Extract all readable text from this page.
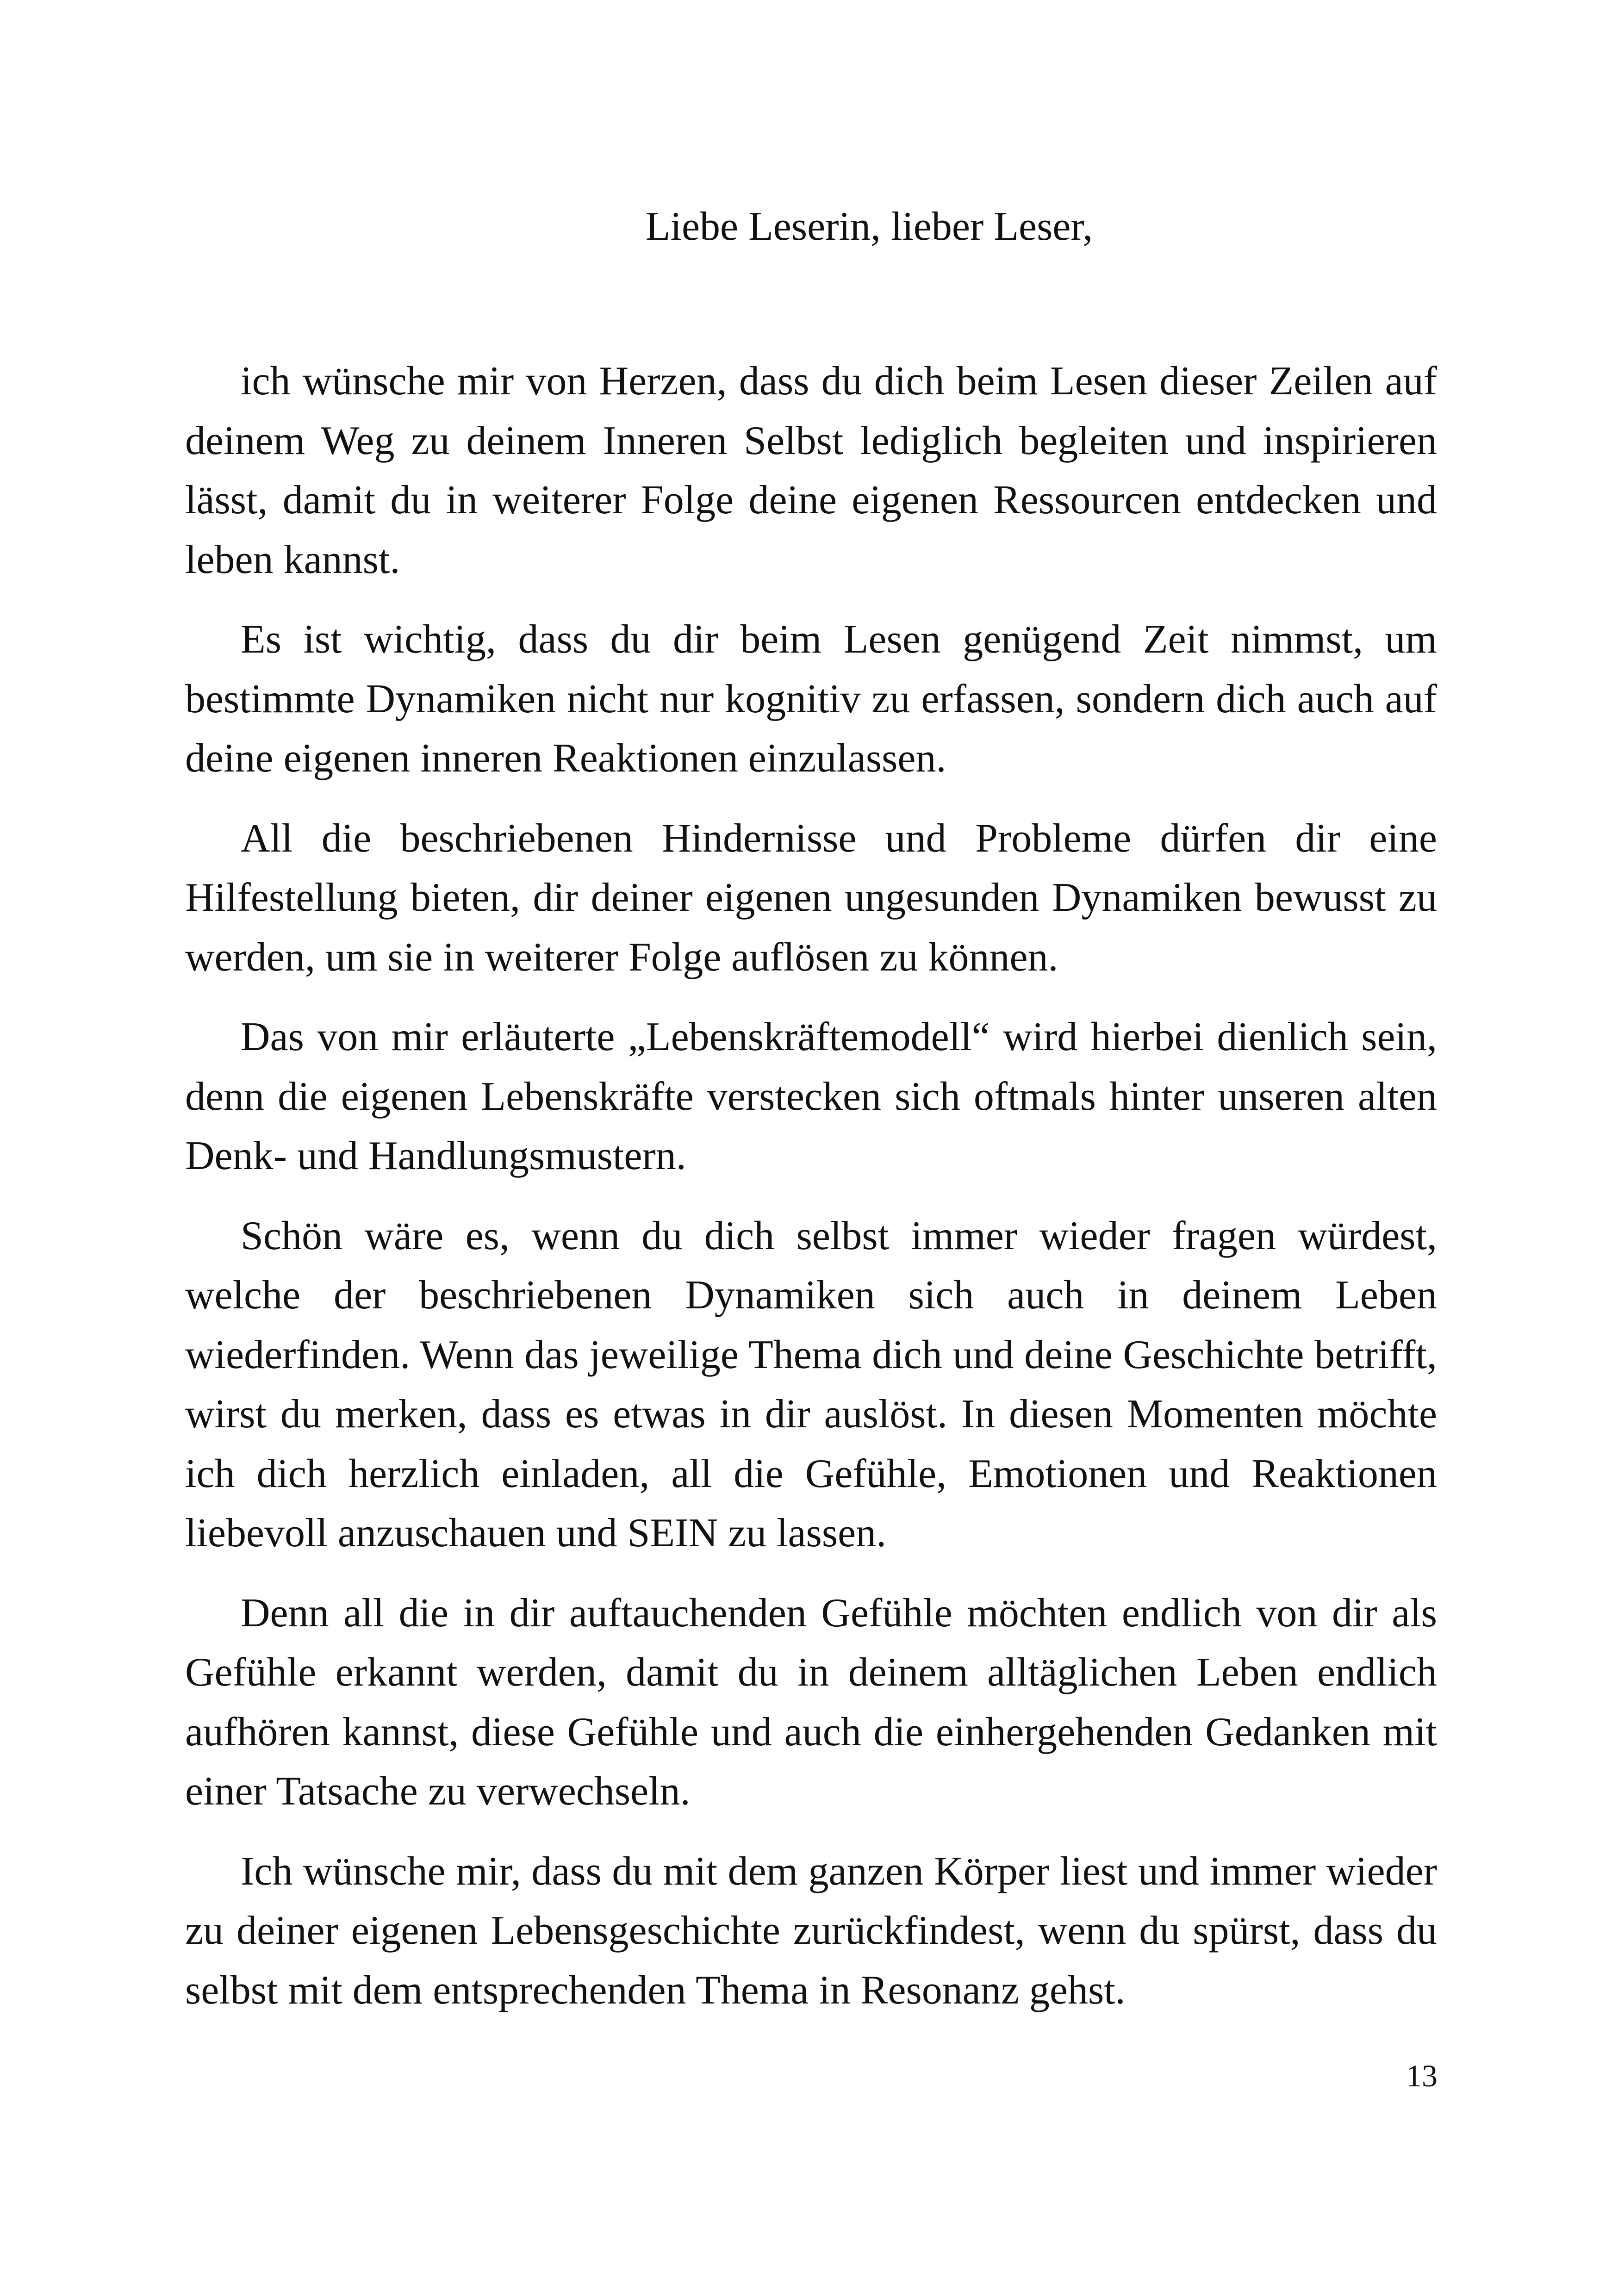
Liebe Leserin, lieber Leser,

ich wünsche mir von Herzen, dass du dich beim Lesen dieser Zeilen auf deinem Weg zu deinem Inneren Selbst lediglich begleiten und inspirieren lässt, damit du in weiterer Folge deine eigenen Ressourcen entdecken und leben kannst.

Es ist wichtig, dass du dir beim Lesen genügend Zeit nimmst, um bestimmte Dynamiken nicht nur kognitiv zu erfassen, sondern dich auch auf deine eigenen inneren Reaktionen einzulassen.

All die beschriebenen Hindernisse und Probleme dürfen dir eine Hilfestellung bieten, dir deiner eigenen ungesunden Dynamiken bewusst zu werden, um sie in weiterer Folge auflösen zu können.

Das von mir erläuterte „Lebenskräftemodell“ wird hierbei dienlich sein, denn die eigenen Lebenskräfte verstecken sich oftmals hinter unseren alten Denk- und Handlungsmustern.

Schön wäre es, wenn du dich selbst immer wieder fragen würdest, welche der beschriebenen Dynamiken sich auch in deinem Leben wiederfinden. Wenn das jeweilige Thema dich und deine Geschichte betrifft, wirst du merken, dass es etwas in dir auslöst. In diesen Momenten möchte ich dich herzlich einladen, all die Gefühle, Emotionen und Reaktionen liebevoll anzuschauen und SEIN zu lassen.

Denn all die in dir auftauchenden Gefühle möchten endlich von dir als Gefühle erkannt werden, damit du in deinem alltäglichen Leben endlich aufhören kannst, diese Gefühle und auch die einhergehenden Gedanken mit einer Tatsache zu verwechseln.

Ich wünsche mir, dass du mit dem ganzen Körper liest und immer wieder zu deiner eigenen Lebensgeschichte zurückfindest, wenn du spürst, dass du selbst mit dem entsprechenden Thema in Resonanz gehst.

13
